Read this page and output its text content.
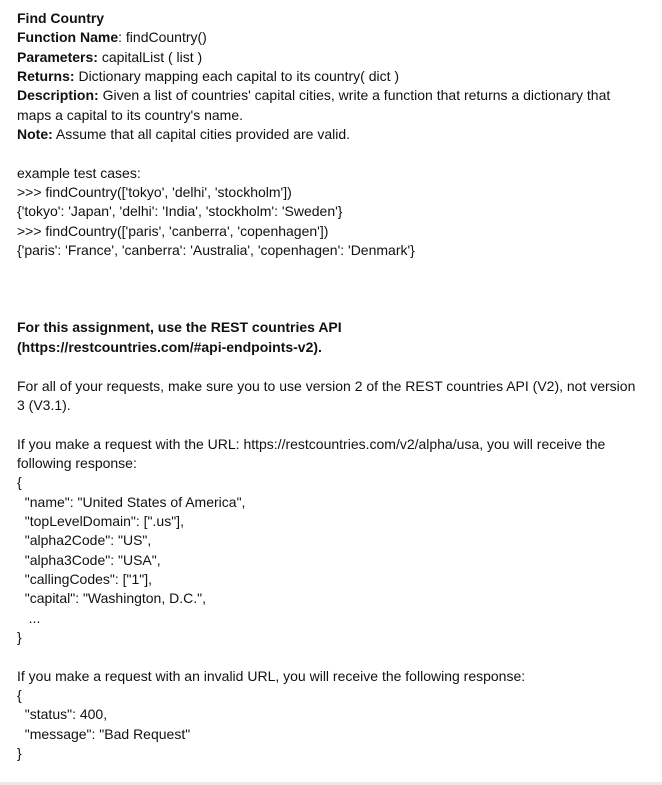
Find Country
Function Name: findCountry()
Parameters: capitalList ( list )
Returns: Dictionary mapping each capital to its country( dict )
Description: Given a list of countries' capital cities, write a function that returns a dictionary that maps a capital to its country's name.
Note: Assume that all capital cities provided are valid.
example test cases:
>>> findCountry(['tokyo', 'delhi', 'stockholm'])
{'tokyo': 'Japan', 'delhi': 'India', 'stockholm': 'Sweden'}
>>> findCountry(['paris', 'canberra', 'copenhagen'])
{'paris': 'France', 'canberra': 'Australia', 'copenhagen': 'Denmark'}
For this assignment, use the REST countries API
(https://restcountries.com/#api-endpoints-v2).
For all of your requests, make sure you to use version 2 of the REST countries API (V2), not version 3 (V3.1).
If you make a request with the URL: https://restcountries.com/v2/alpha/usa, you will receive the following response:
{
"name": "United States of America",
"topLevelDomain": [".us"],
"alpha2Code": "US",
"alpha3Code": "USA",
"callingCodes": ["1"],
"capital": "Washington, D.C.",
...
}
If you make a request with an invalid URL, you will receive the following response:
{
"status": 400,
"message": "Bad Request"
}
